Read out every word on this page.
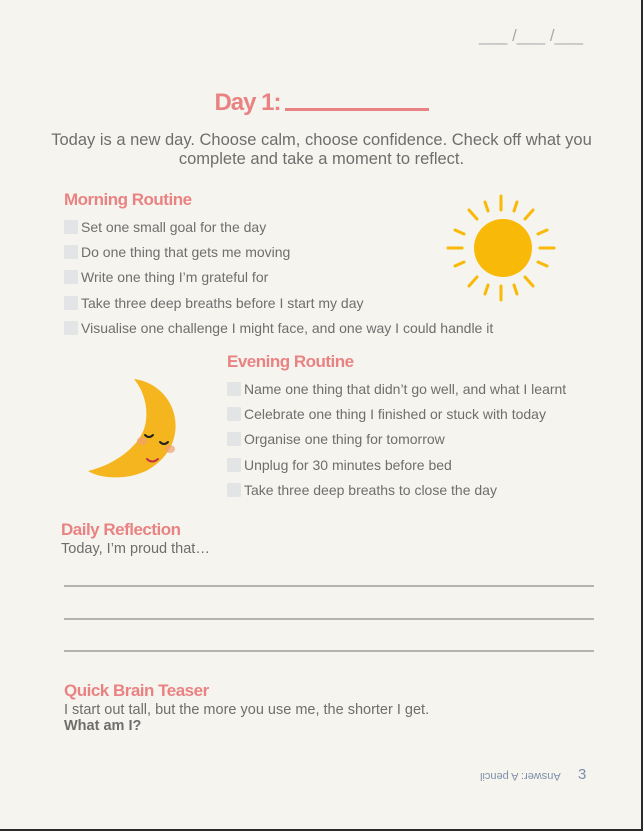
___ /___ /___
Day 1:
Today is a new day. Choose calm, choose confidence. Check off what you complete and take a moment to reflect.
Morning Routine
Set one small goal for the day
Do one thing that gets me moving
Write one thing I’m grateful for
Take three deep breaths before I start my day
Visualise one challenge I might face, and one way I could handle it
Evening Routine
Name one thing that didn’t go well, and what I learnt
Celebrate one thing I finished or stuck with today
Organise one thing for tomorrow
Unplug for 30 minutes before bed
Take three deep breaths to close the day
Daily Reflection
Today, I’m proud that…
Quick Brain Teaser
I start out tall, but the more you use me, the shorter I get.
What am I?
Answer: A pencil 3
